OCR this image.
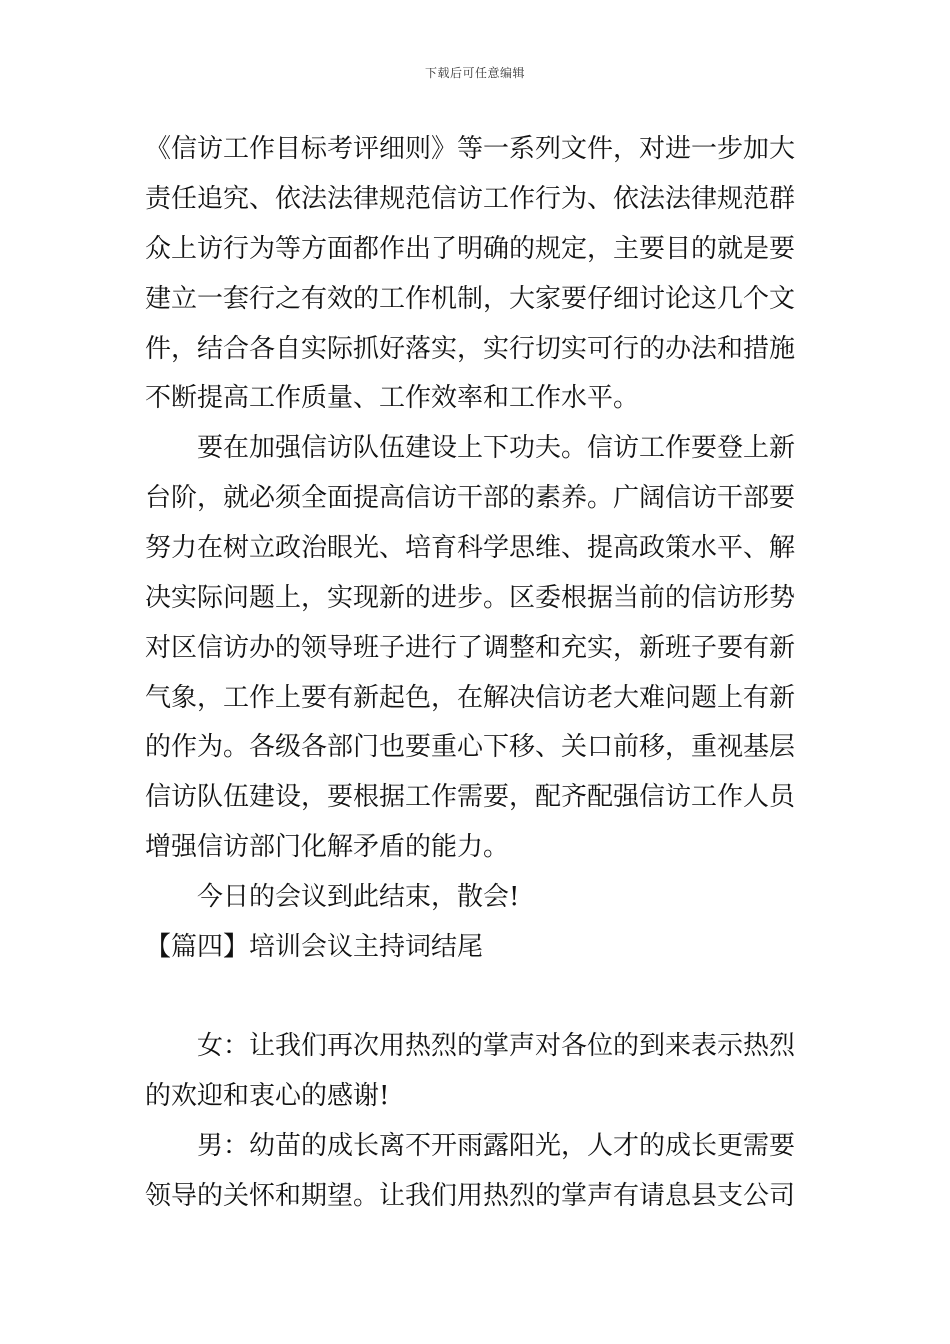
下载后可任意编辑
《信访工作目标考评细则》等一系列文件，对进一步加大
责任追究、依法法律规范信访工作行为、依法法律规范群
众上访行为等方面都作出了明确的规定，主要目的就是要
建立一套行之有效的工作机制，大家要仔细讨论这几个文
件，结合各自实际抓好落实，实行切实可行的办法和措施
不断提高工作质量、工作效率和工作水平。
要在加强信访队伍建设上下功夫。信访工作要登上新
台阶，就必须全面提高信访干部的素养。广阔信访干部要
努力在树立政治眼光、培育科学思维、提高政策水平、解
决实际问题上，实现新的进步。区委根据当前的信访形势
对区信访办的领导班子进行了调整和充实，新班子要有新
气象，工作上要有新起色，在解决信访老大难问题上有新
的作为。各级各部门也要重心下移、关口前移，重视基层
信访队伍建设，要根据工作需要，配齐配强信访工作人员
增强信访部门化解矛盾的能力。
今日的会议到此结束，散会!
【篇四】培训会议主持词结尾
女：让我们再次用热烈的掌声对各位的到来表示热烈
的欢迎和衷心的感谢!
男：幼苗的成长离不开雨露阳光，人才的成长更需要
领导的关怀和期望。让我们用热烈的掌声有请息县支公司
